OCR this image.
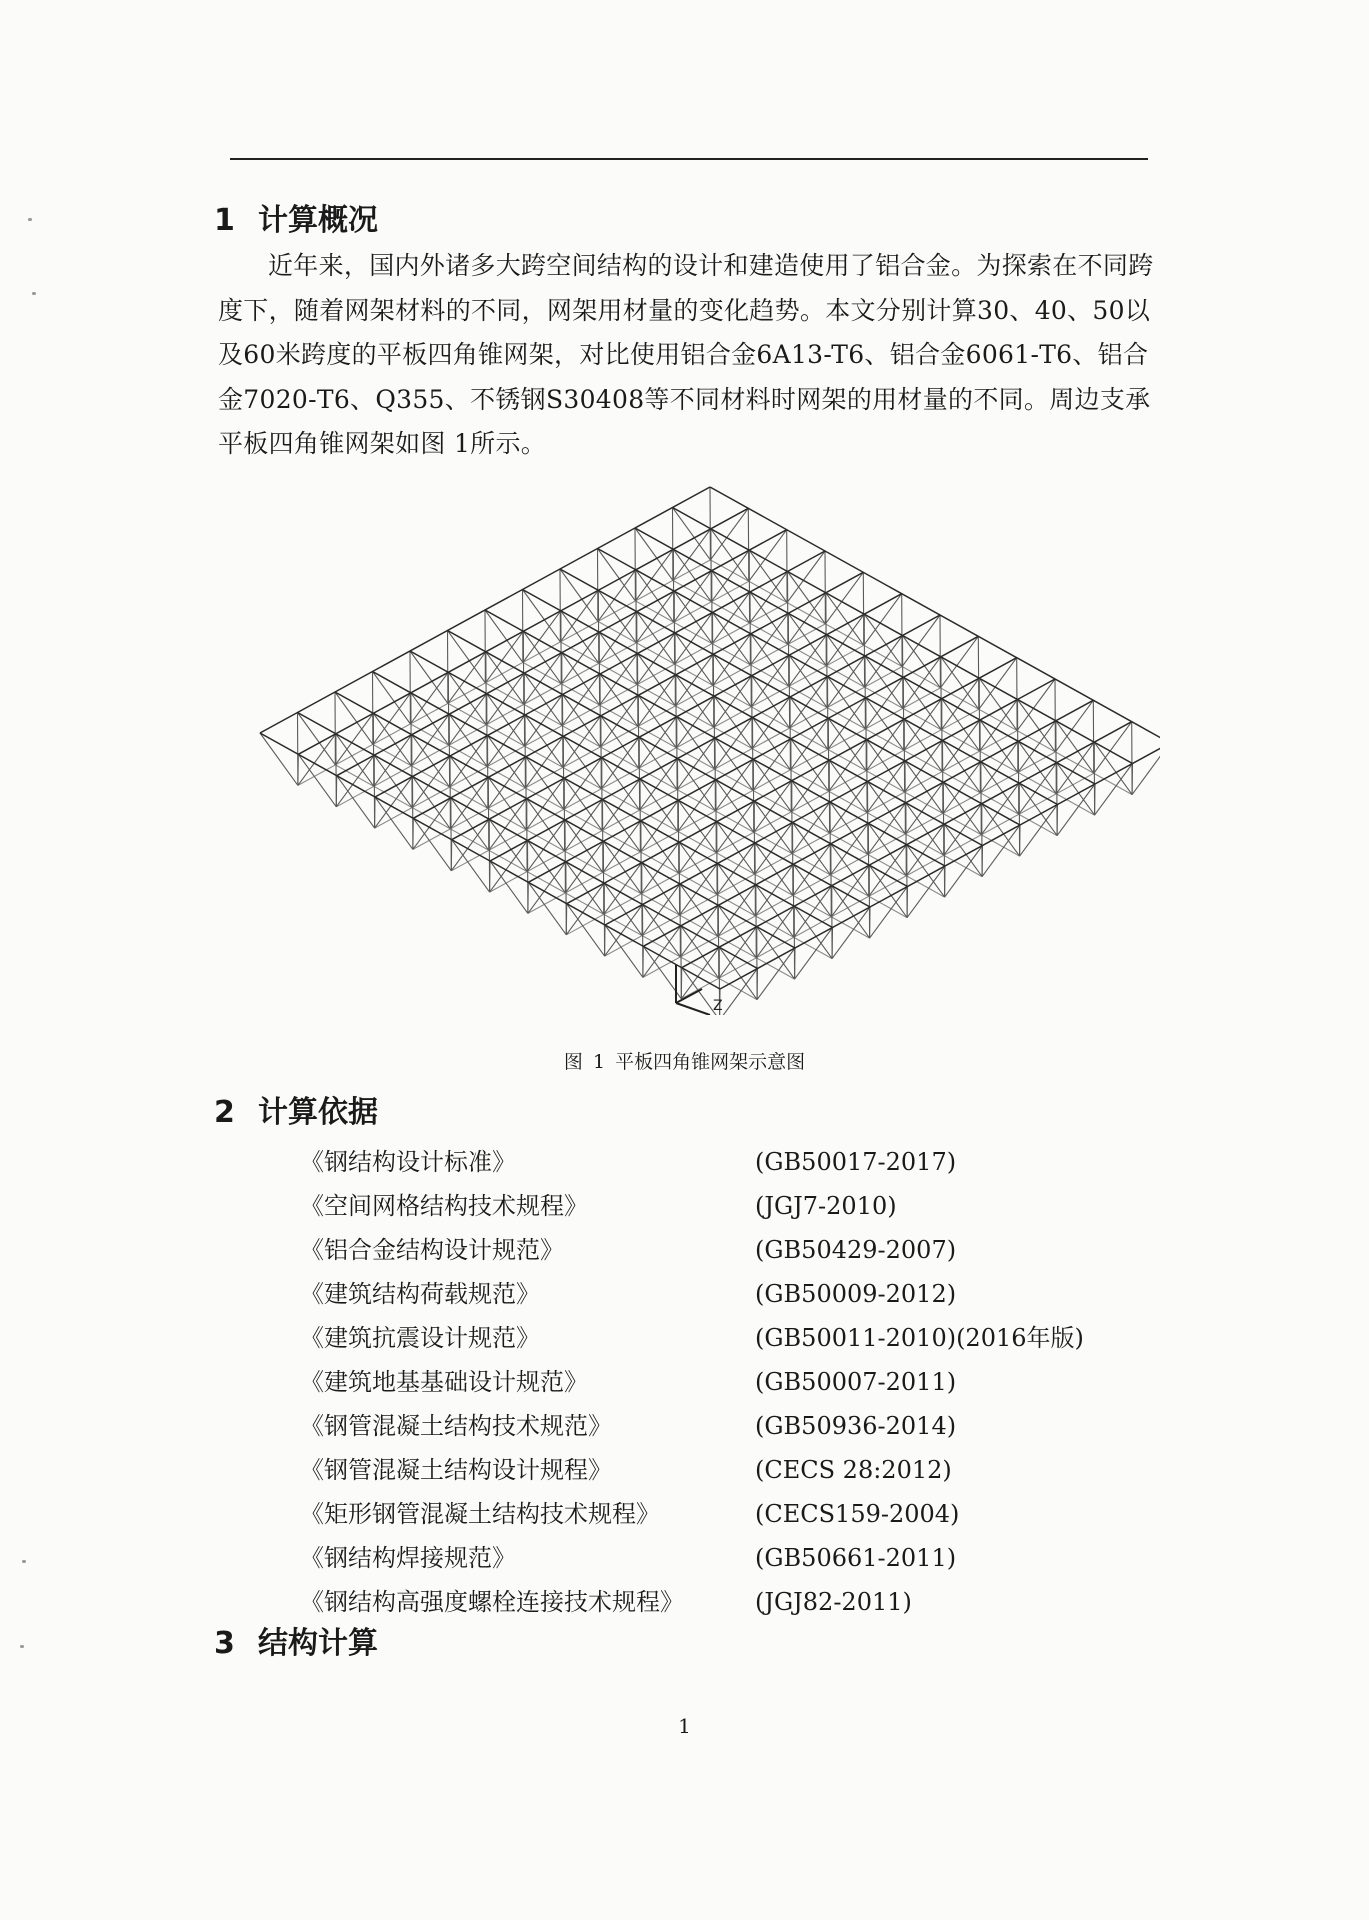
1 计算概况

近年来，国内外诸多大跨空间结构的设计和建造使用了铝合金。为探索在不同跨度下，随着网架材料的不同，网架用材量的变化趋势。本文分别计算30、40、50以及60米跨度的平板四角锥网架，对比使用铝合金6A13-T6、铝合金6061-T6、铝合金7020-T6、Q355、不锈钢S30408等不同材料时网架的用材量的不同。周边支承平板四角锥网架如图 1所示。

Z
图 1 平板四角锥网架示意图
2 计算依据
《钢结构设计标准》	(GB50017-2017)
《空间网格结构技术规程》	(JGJ7-2010)
《铝合金结构设计规范》	(GB50429-2007)
《建筑结构荷载规范》	(GB50009-2012)
《建筑抗震设计规范》	(GB50011-2010)(2016年版)
《建筑地基基础设计规范》	(GB50007-2011)
《钢管混凝土结构技术规范》	(GB50936-2014)
《钢管混凝土结构设计规程》	(CECS 28:2012)
《矩形钢管混凝土结构技术规程》	(CECS159-2004)
《钢结构焊接规范》	(GB50661-2011)
《钢结构高强度螺栓连接技术规程》	(JGJ82-2011)
3 结构计算
1
